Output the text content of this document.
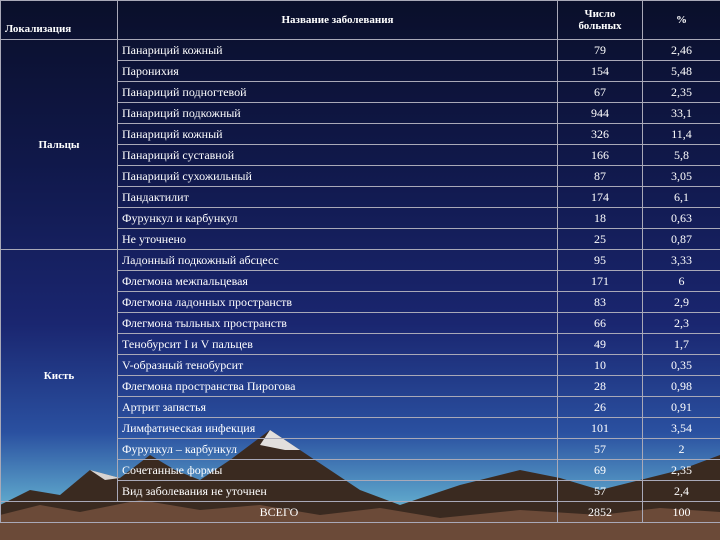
Локализация	Название заболевания	Число больных	%
Пальцы	Панариций кожный	79	2,46
	Паронихия	154	5,48
	Панариций подногтевой	67	2,35
	Панариций подкожный	944	33,1
	Панариций кожный	326	11,4
	Панариций суставной	166	5,8
	Панариций сухожильный	87	3,05
	Пандактилит	174	6,1
	Фурункул и карбункул	18	0,63
	Не уточнено	25	0,87
Кисть	Ладонный подкожный абсцесс	95	3,33
	Флегмона межпальцевая	171	6
	Флегмона ладонных пространств	83	2,9
	Флегмона тыльных пространств	66	2,3
	Тенобурсит I и V пальцев	49	1,7
	V-образный тенобурсит	10	0,35
	Флегмона пространства Пирогова	28	0,98
	Артрит запястья	26	0,91
	Лимфатическая инфекция	101	3,54
	Фурункул – карбункул	57	2
	Сочетанные формы	69	2,35
	Вид заболевания не уточнен	57	2,4
ВСЕГО		2852	100
